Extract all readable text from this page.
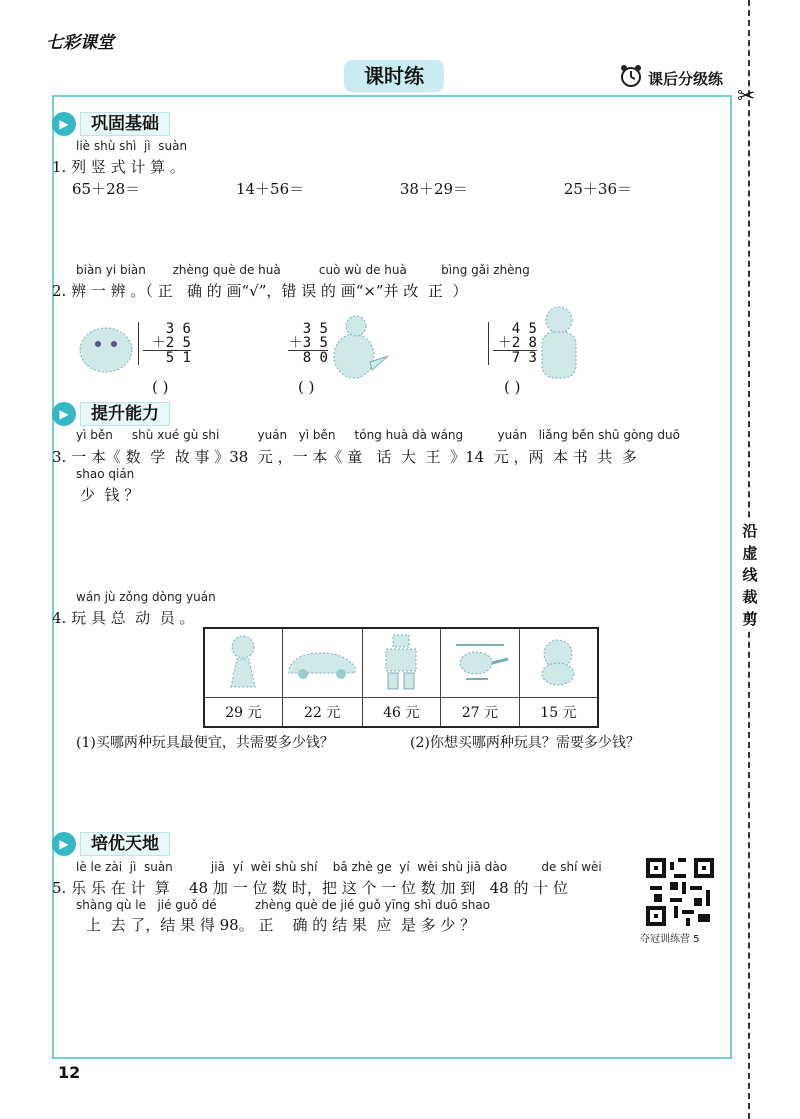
七彩课堂
课时练	课后分级练
✂
沿虚线裁剪
▶	巩固基础
liè shù shì  jì  suàn
1. 列 竖 式 计 算 。
65＋28＝	14＋56＝	38＋29＝	25＋36＝
biàn yi biàn       zhèng què de huà          cuò wù de huà         bìng gǎi zhèng
2. 辨 一 辨 。（ 正   确 的 画“√”，错 误 的 画“×”并 改  正  ）
3 6
＋2 5
5 1
( )
3 5
＋3 5
8 0
( )
4 5
＋2 8
7 3
( )
▶	提升能力
yì běn     shù xué gù shi          yuán   yì běn     tóng huà dà wáng         yuán   liǎng běn shū gòng duō
3. 一 本《 数  学  故 事 》38  元 ，一 本《 童   话  大  王  》14  元 ，两  本 书  共  多
shao qián
少  钱 ？
wán jù zǒng dòng yuán
4. 玩 具 总  动  员 。

29 元	22 元	46 元	27 元	15 元
(1)买哪两种玩具最便宜，共需要多少钱？	(2)你想买哪两种玩具？需要多少钱？
▶	培优天地
lè le zài  jì  suàn          jiā  yí  wèi shù shí    bǎ zhè ge  yí  wèi shù jiā dào         de shí wèi
5. 乐 乐 在 计  算    48 加 一 位 数 时，把 这 个 一 位 数 加 到   48 的 十 位
shàng qù le   jié guǒ dé          zhèng què de jié guǒ yīng shì duō shao
上  去 了，结 果 得 98。 正    确 的 结 果  应  是 多 少 ？
夺冠训练营 5
12
